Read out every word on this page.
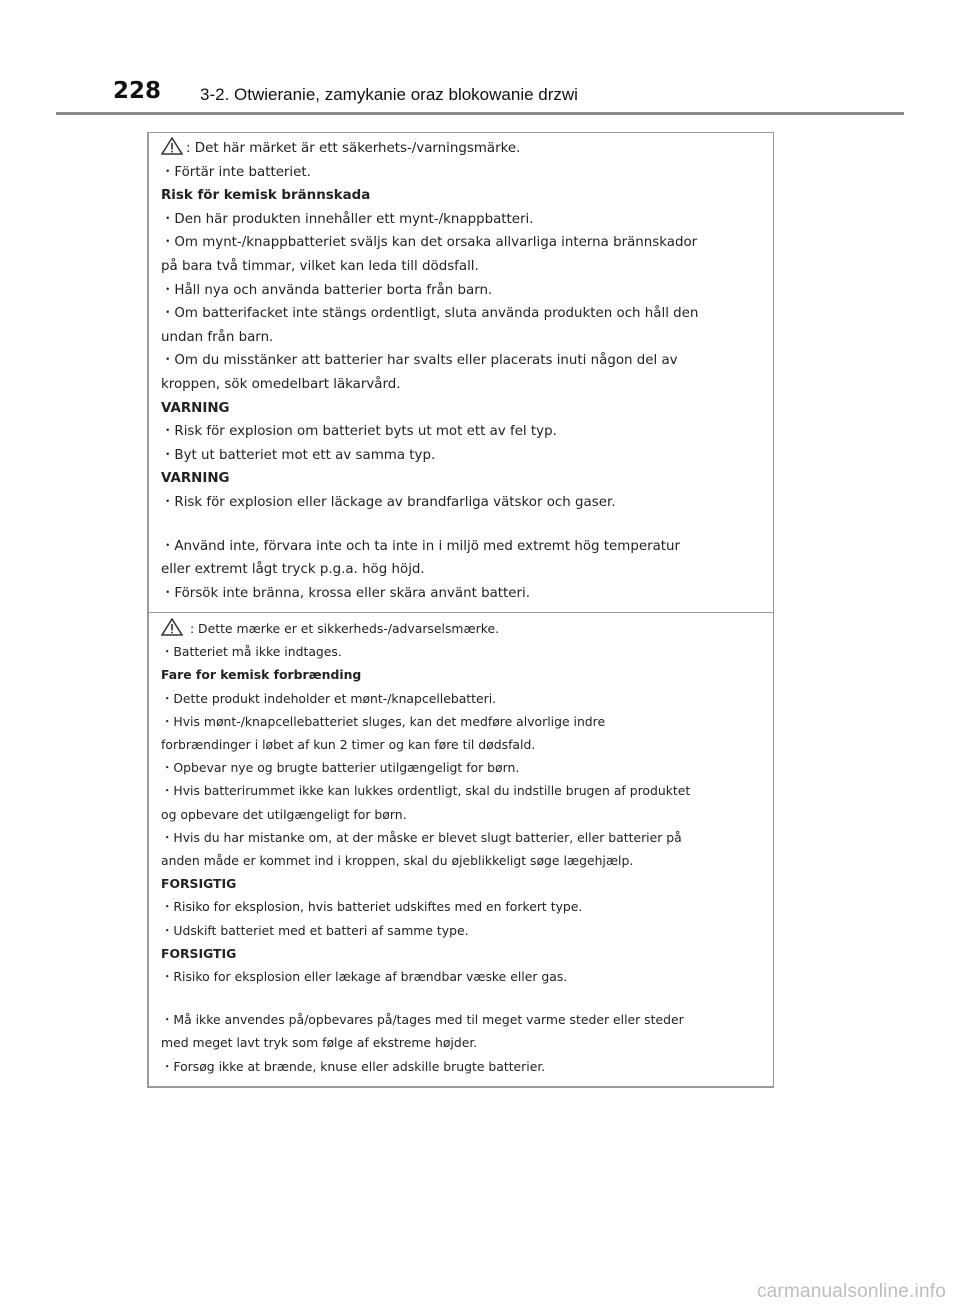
228 3-2. Otwieranie, zamykanie oraz blokowanie drzwi

: Det här märket är ett säkerhets-/varningsmärke.

・Förtär inte batteriet.

Risk för kemisk brännskada

・Den här produkten innehåller ett mynt-/knappbatteri.

・Om mynt-/knappbatteriet sväljs kan det orsaka allvarliga interna brännskador

på bara två timmar, vilket kan leda till dödsfall.

・Håll nya och använda batterier borta från barn.

・Om batterifacket inte stängs ordentligt, sluta använda produkten och håll den

undan från barn.

・Om du misstänker att batterier har svalts eller placerats inuti någon del av

kroppen, sök omedelbart läkarvård.

VARNING

・Risk för explosion om batteriet byts ut mot ett av fel typ.

・Byt ut batteriet mot ett av samma typ.

VARNING

・Risk för explosion eller läckage av brandfarliga vätskor och gaser.

・Använd inte, förvara inte och ta inte in i miljö med extremt hög temperatur

eller extremt lågt tryck p.g.a. hög höjd.

・Försök inte bränna, krossa eller skära använt batteri.

: Dette mærke er et sikkerheds-/advarselsmærke.

・Batteriet må ikke indtages.

Fare for kemisk forbrænding

・Dette produkt indeholder et mønt-/knapcellebatteri.

・Hvis mønt-/knapcellebatteriet sluges, kan det medføre alvorlige indre

forbrændinger i løbet af kun 2 timer og kan føre til dødsfald.

・Opbevar nye og brugte batterier utilgængeligt for børn.

・Hvis batterirummet ikke kan lukkes ordentligt, skal du indstille brugen af produktet

og opbevare det utilgængeligt for børn.

・Hvis du har mistanke om, at der måske er blevet slugt batterier, eller batterier på

anden måde er kommet ind i kroppen, skal du øjeblikkeligt søge lægehjælp.

FORSIGTIG

・Risiko for eksplosion, hvis batteriet udskiftes med en forkert type.

・Udskift batteriet med et batteri af samme type.

FORSIGTIG

・Risiko for eksplosion eller lækage af brændbar væske eller gas.

・Må ikke anvendes på/opbevares på/tages med til meget varme steder eller steder

med meget lavt tryk som følge af ekstreme højder.

・Forsøg ikke at brænde, knuse eller adskille brugte batterier.

carmanualsonline.info
